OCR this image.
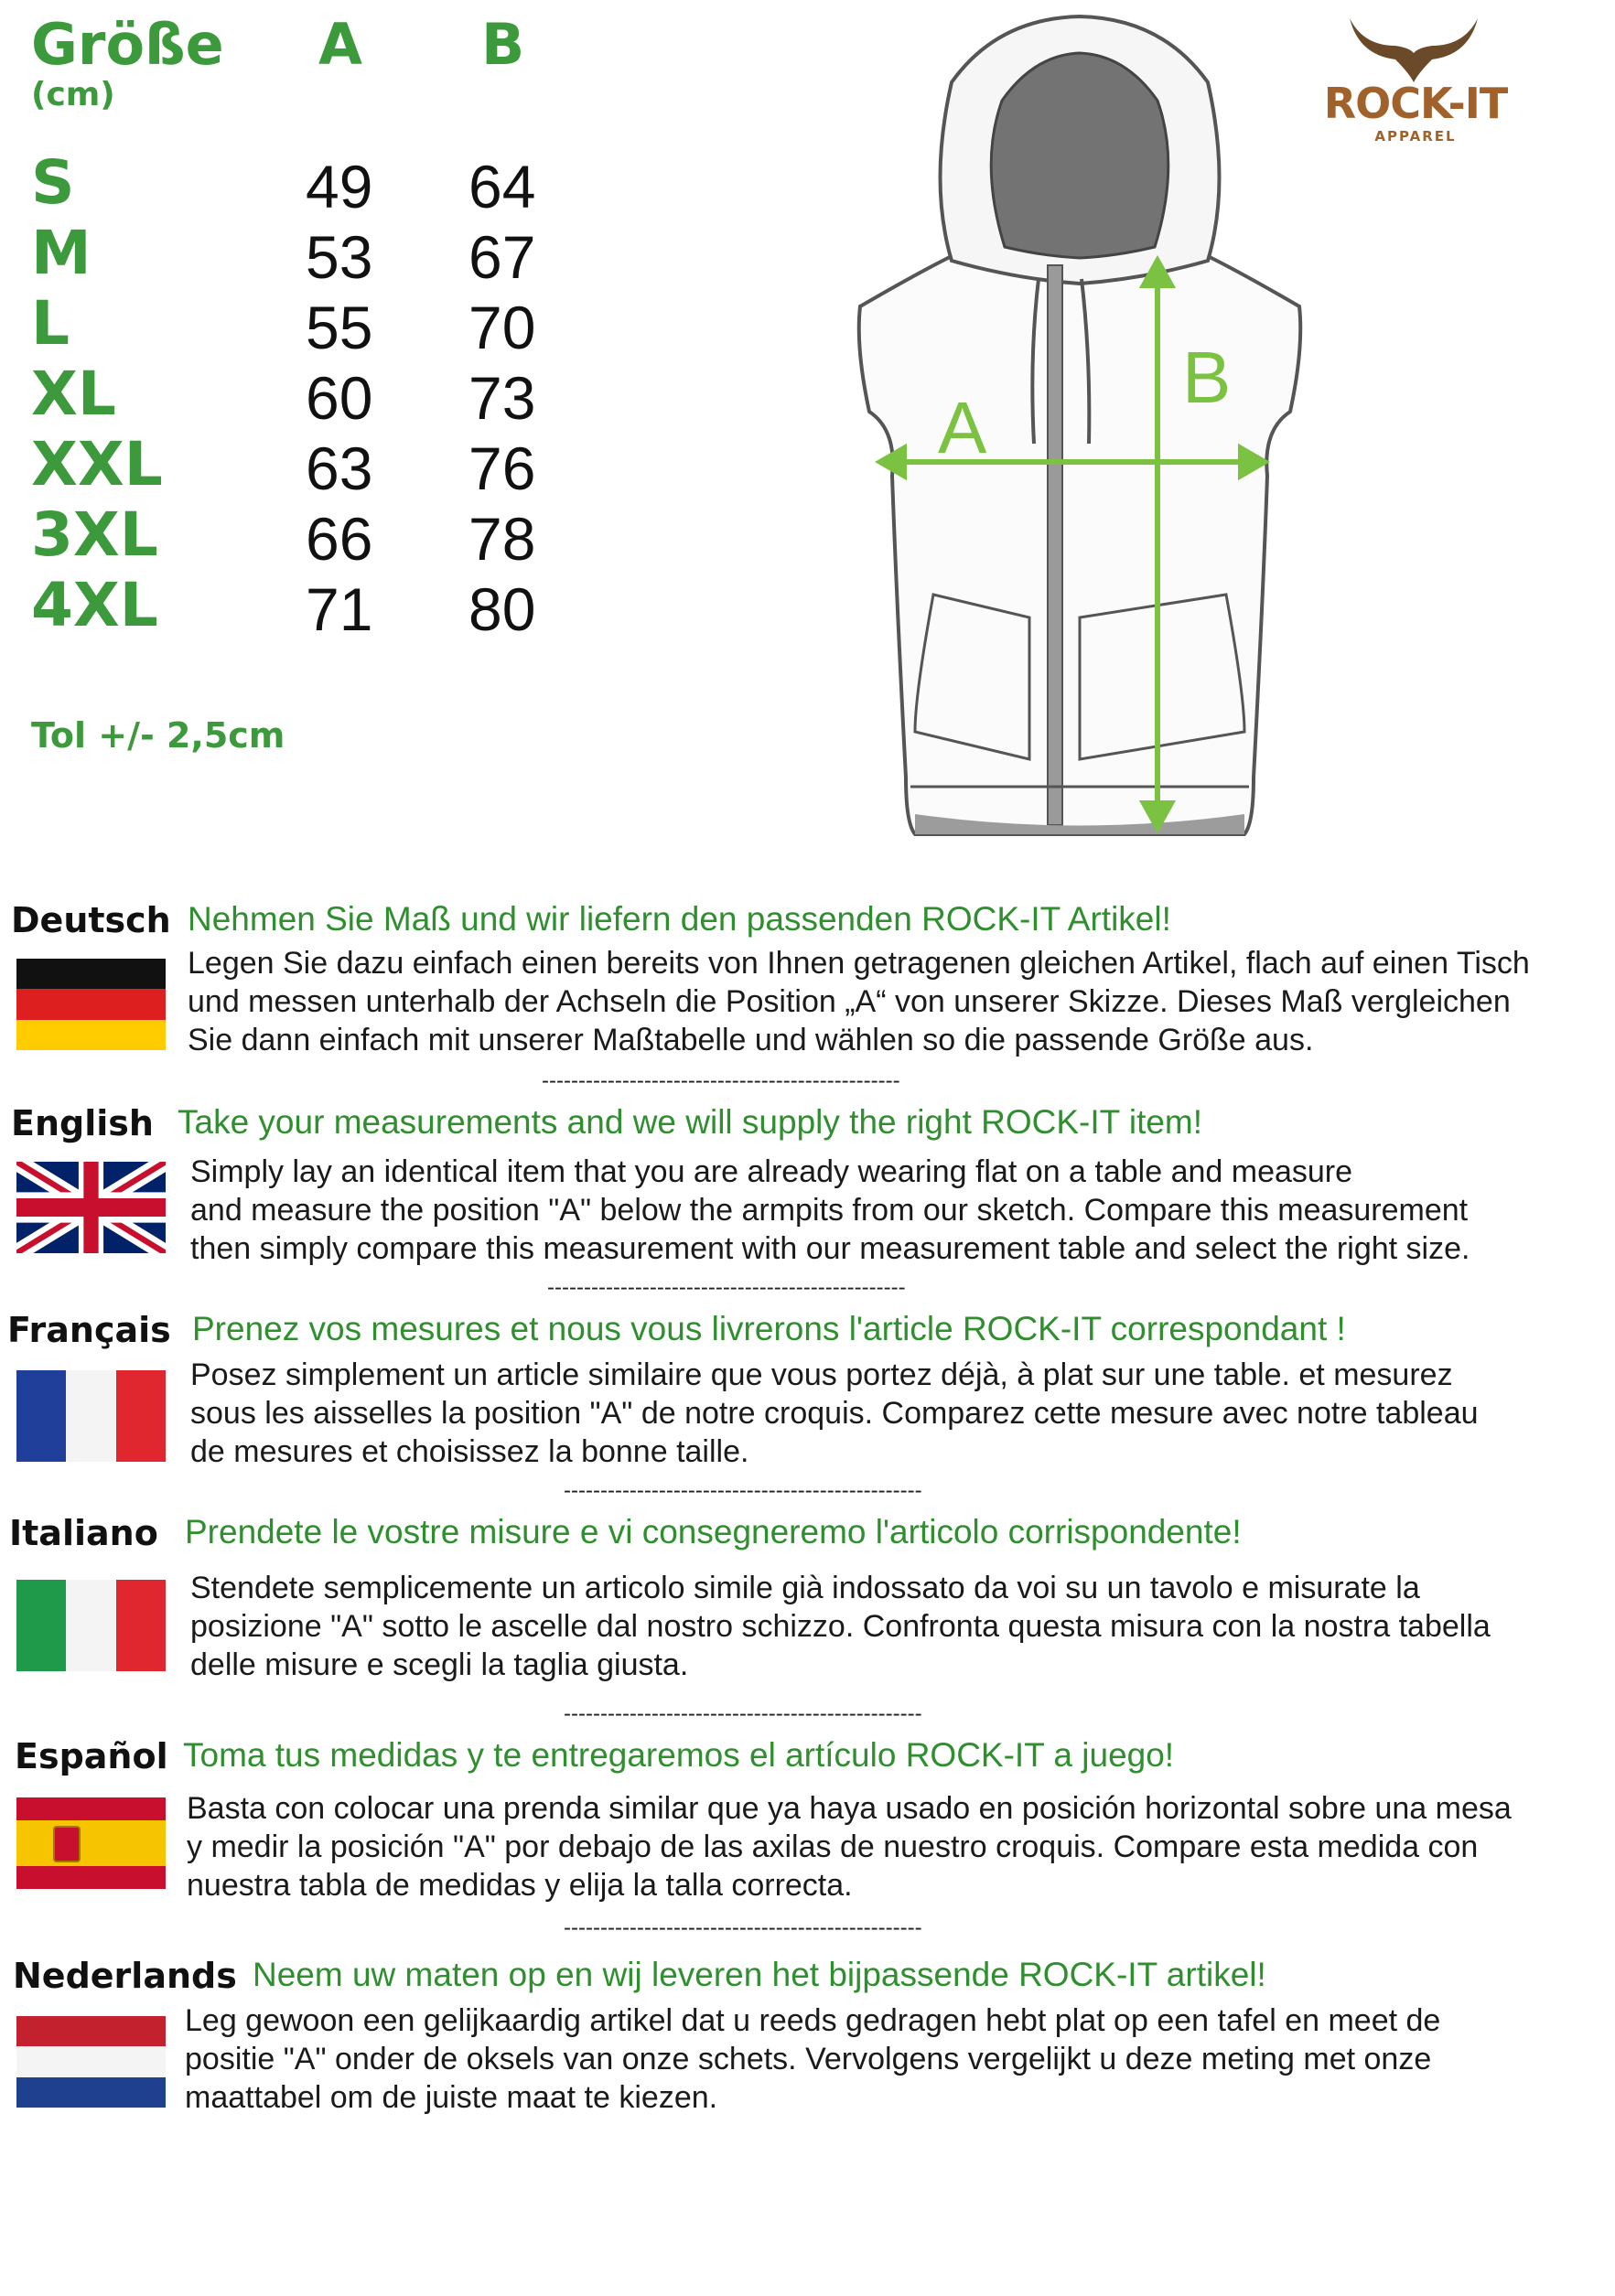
Größe
(cm)
A B
S	49 64
M	53 67
L	55 70
XL	60 73
XXL 63 76
3XL 66 78
4XL 71 80
Tol +/- 2,5cm
A
B
ROCK-IT
APPAREL
Deutsch Nehmen Sie Maß und wir liefern den passenden ROCK-IT Artikel!
Legen Sie dazu einfach einen bereits von Ihnen getragenen gleichen Artikel, flach auf einen Tisch
und messen unterhalb der Achseln die Position „A“ von unserer Skizze. Dieses Maß vergleichen
Sie dann einfach mit unserer Maßtabelle und wählen so die passende Größe aus.
-------------------------------------------------
English Take your measurements and we will supply the right ROCK-IT item!
Simply lay an identical item that you are already wearing flat on a table and measure
and measure the position "A" below the armpits from our sketch. Compare this measurement
then simply compare this measurement with our measurement table and select the right size.
-------------------------------------------------
Français Prenez vos mesures et nous vous livrerons l'article ROCK-IT correspondant !
Posez simplement un article similaire que vous portez déjà, à plat sur une table. et mesurez
sous les aisselles la position "A" de notre croquis. Comparez cette mesure avec notre tableau
de mesures et choisissez la bonne taille.
-------------------------------------------------
Italiano Prendete le vostre misure e vi consegneremo l'articolo corrispondente!
Stendete semplicemente un articolo simile già indossato da voi su un tavolo e misurate la
posizione "A" sotto le ascelle dal nostro schizzo. Confronta questa misura con la nostra tabella
delle misure e scegli la taglia giusta.
-------------------------------------------------
Español Toma tus medidas y te entregaremos el artículo ROCK-IT a juego!
Basta con colocar una prenda similar que ya haya usado en posición horizontal sobre una mesa
y medir la posición "A" por debajo de las axilas de nuestro croquis. Compare esta medida con
nuestra tabla de medidas y elija la talla correcta.
-------------------------------------------------
Nederlands Neem uw maten op en wij leveren het bijpassende ROCK-IT artikel!
Leg gewoon een gelijkaardig artikel dat u reeds gedragen hebt plat op een tafel en meet de
positie "A" onder de oksels van onze schets. Vervolgens vergelijkt u deze meting met onze
maattabel om de juiste maat te kiezen.
